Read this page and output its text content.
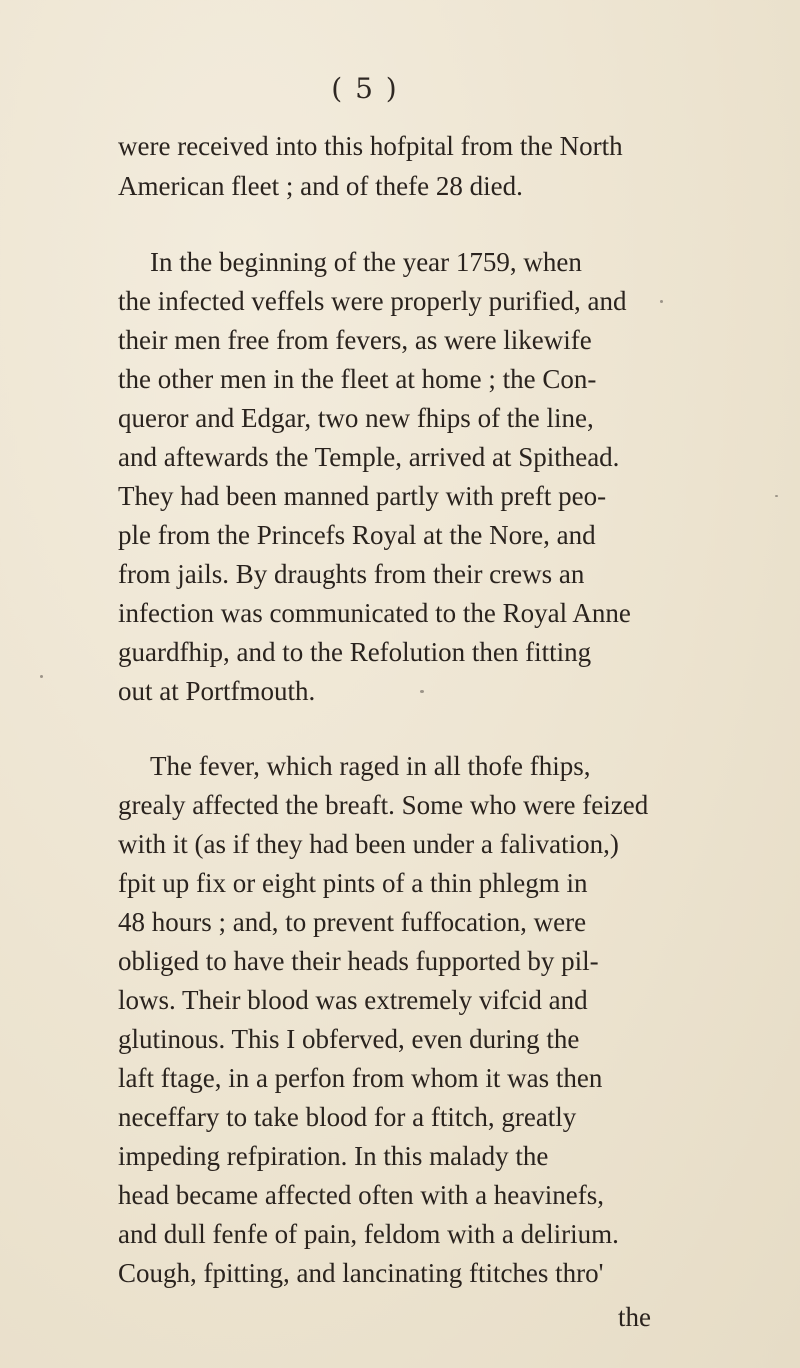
( 5 )
were received into this hofpital from the North
American fleet ; and of thefe 28 died.
In the beginning of the year 1759, when
the infected veffels were properly purified, and
their men free from fevers, as were likewife
the other men in the fleet at home ; the Con-
queror and Edgar, two new fhips of the line,
and aftewards the Temple, arrived at Spithead.
They had been manned partly with preft peo-
ple from the Princefs Royal at the Nore, and
from jails. By draughts from their crews an
infection was communicated to the Royal Anne
guardfhip, and to the Refolution then fitting
out at Portfmouth.
The fever, which raged in all thofe fhips,
grealy affected the breaft. Some who were feized
with it (as if they had been under a falivation,)
fpit up fix or eight pints of a thin phlegm in
48 hours ; and, to prevent fuffocation, were
obliged to have their heads fupported by pil-
lows. Their blood was extremely vifcid and
glutinous. This I obferved, even during the
laft ftage, in a perfon from whom it was then
neceffary to take blood for a ftitch, greatly
impeding refpiration. In this malady the
head became affected often with a heavinefs,
and dull fenfe of pain, feldom with a delirium.
Cough, fpitting, and lancinating ftitches thro'
the
